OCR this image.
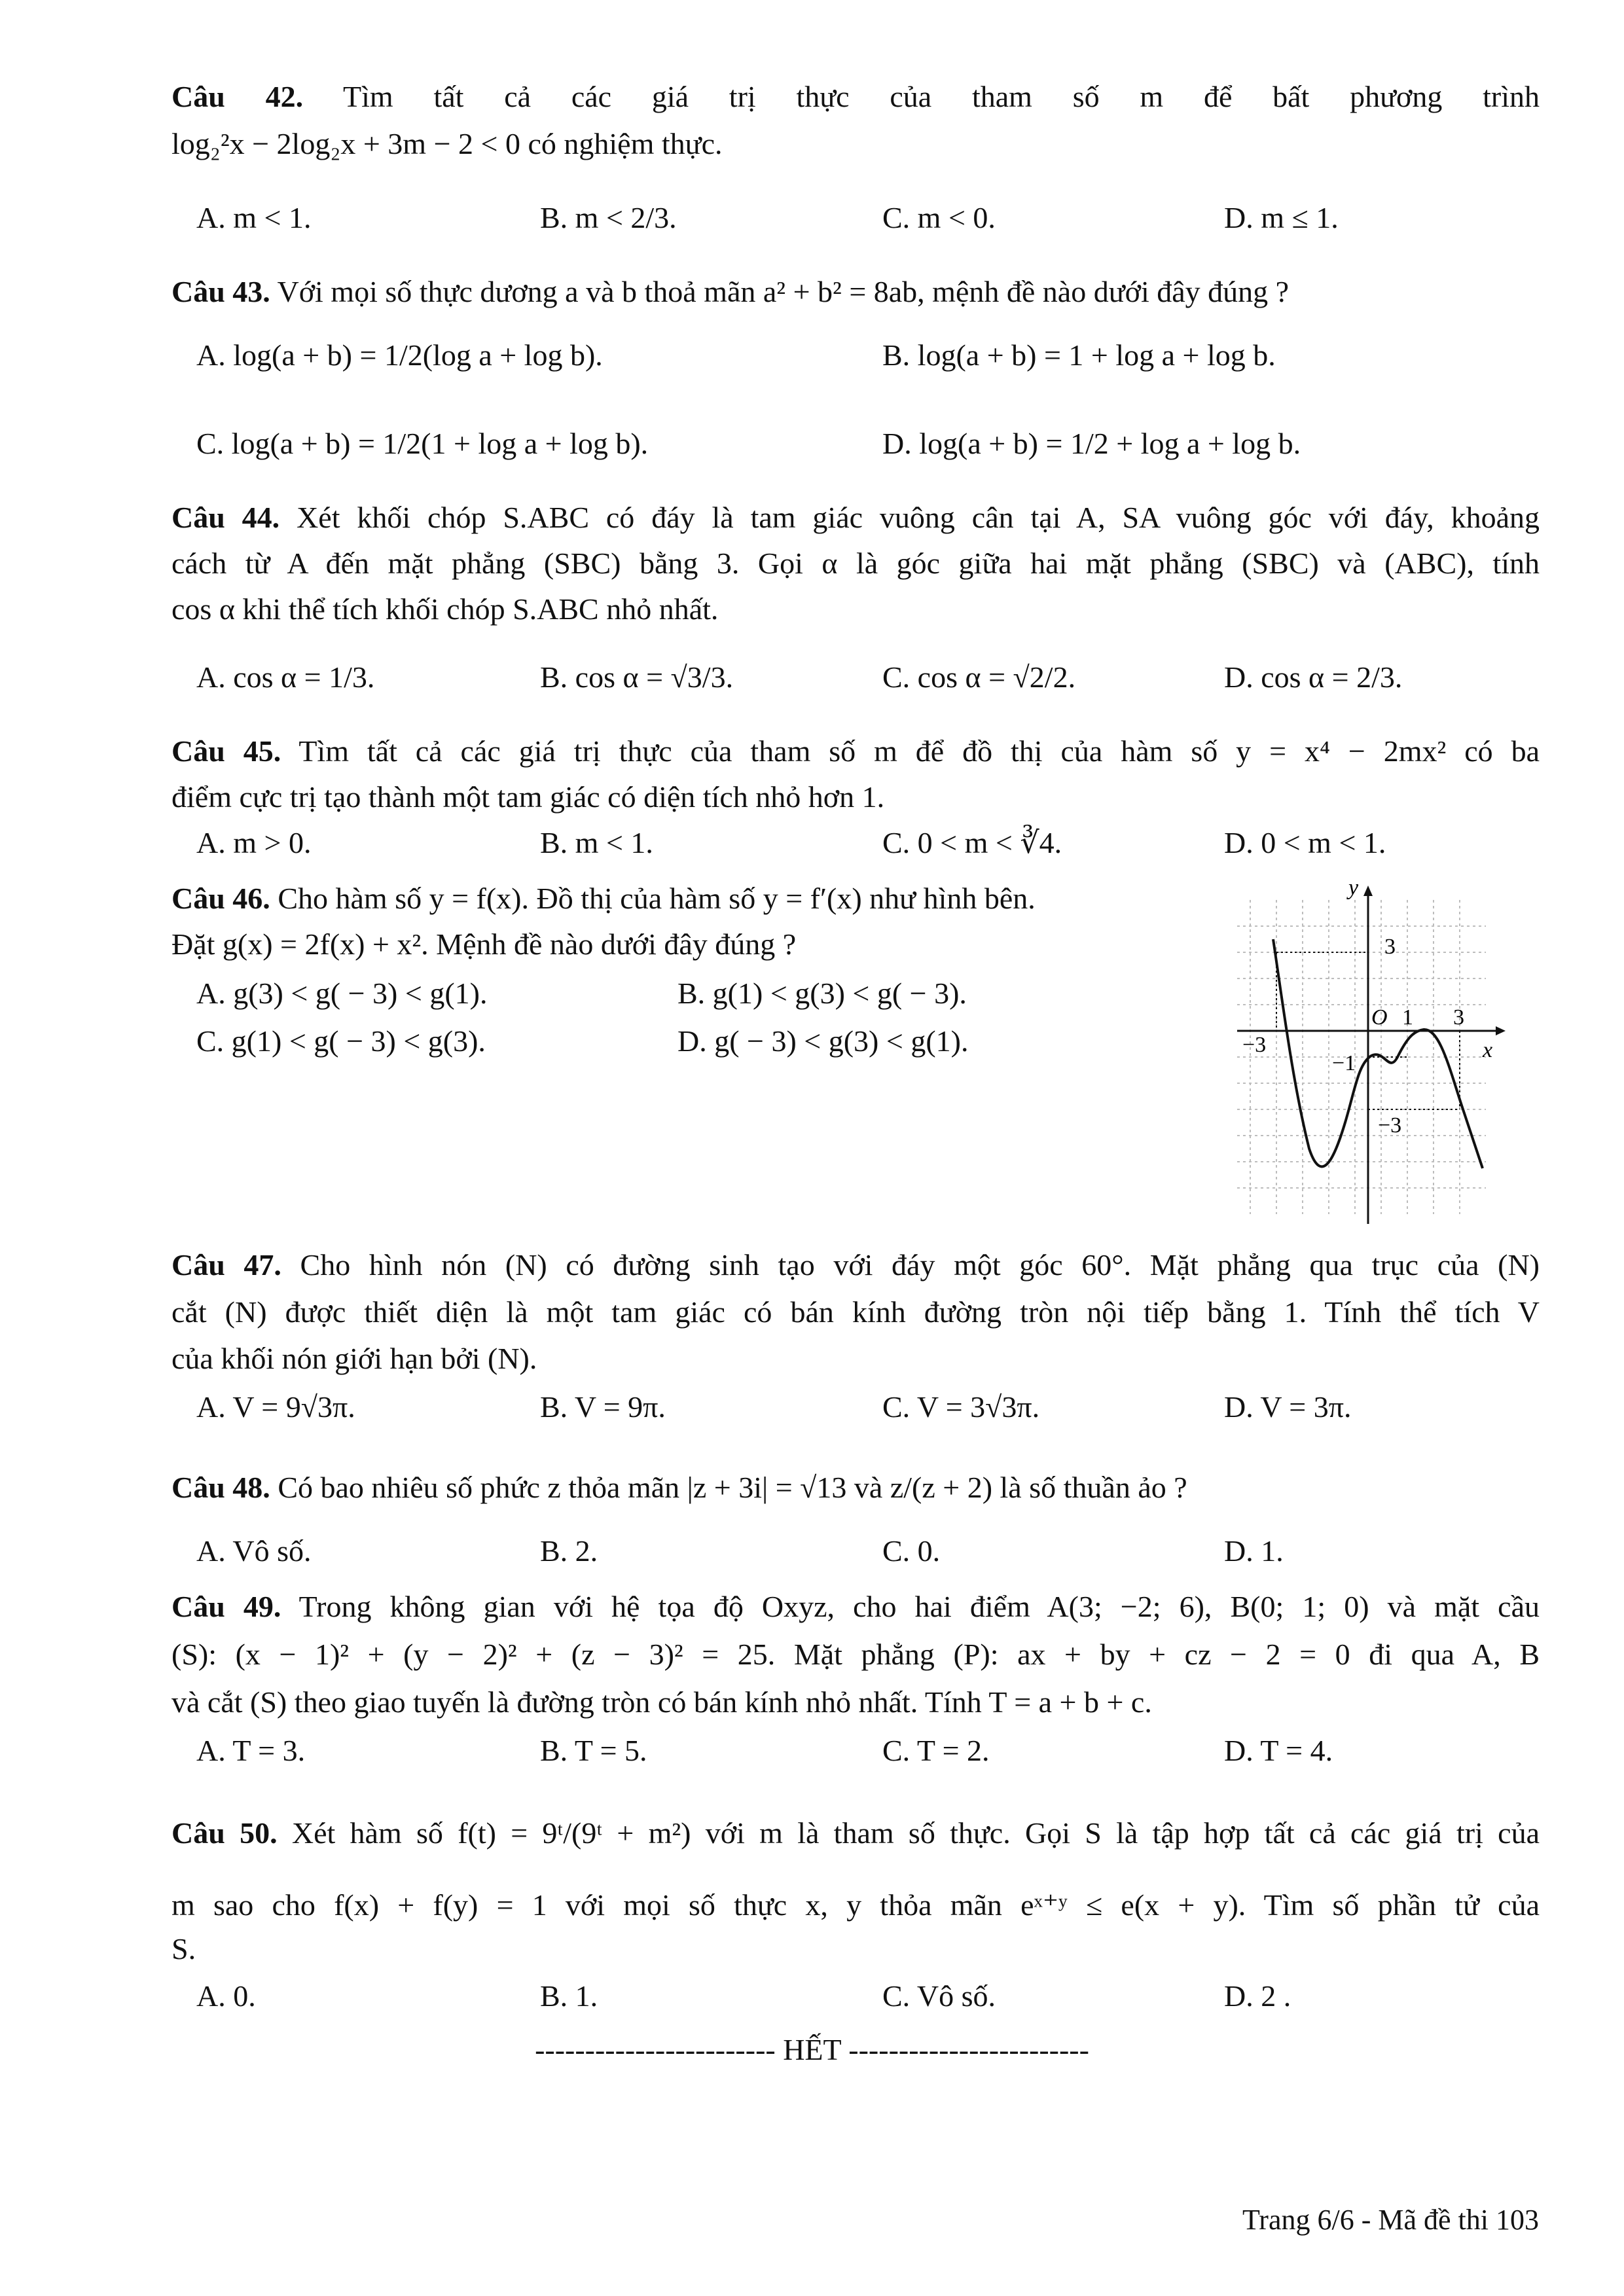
Câu 42. Tìm tất cả các giá trị thực của tham số m để bất phương trình
log₂²x − 2log₂x + 3m − 2 < 0 có nghiệm thực.
A. m < 1.	B. m < 2/3.	C. m < 0.	D. m ≤ 1.
Câu 43. Với mọi số thực dương a và b thoả mãn a² + b² = 8ab, mệnh đề nào dưới đây đúng ?
A. log(a + b) = 1/2(log a + log b).	B. log(a + b) = 1 + log a + log b.
C. log(a + b) = 1/2(1 + log a + log b).	D. log(a + b) = 1/2 + log a + log b.
Câu 44. Xét khối chóp S.ABC có đáy là tam giác vuông cân tại A, SA vuông góc với đáy, khoảng
cách từ A đến mặt phẳng (SBC) bằng 3. Gọi α là góc giữa hai mặt phẳng (SBC) và (ABC), tính
cos α khi thể tích khối chóp S.ABC nhỏ nhất.
A. cos α = 1/3.	B. cos α = √3/3.	C. cos α = √2/2.	D. cos α = 2/3.
Câu 45. Tìm tất cả các giá trị thực của tham số m để đồ thị của hàm số y = x⁴ − 2mx² có ba
điểm cực trị tạo thành một tam giác có diện tích nhỏ hơn 1.
A. m > 0.	B. m < 1.	C. 0 < m < ∛4.	D. 0 < m < 1.
Câu 46. Cho hàm số y = f(x). Đồ thị của hàm số y = f′(x) như hình bên.
Đặt g(x) = 2f(x) + x². Mệnh đề nào dưới đây đúng ?
A. g(3) < g( − 3) < g(1).	B. g(1) < g(3) < g( − 3).
C. g(1) < g( − 3) < g(3).	D. g( − 3) < g(3) < g(1).
3
O 1 3
−3
−1
−3
x
y
Câu 47. Cho hình nón (N) có đường sinh tạo với đáy một góc 60°. Mặt phẳng qua trục của (N)
cắt (N) được thiết diện là một tam giác có bán kính đường tròn nội tiếp bằng 1. Tính thể tích V
của khối nón giới hạn bởi (N).
A. V = 9√3π.	B. V = 9π.	C. V = 3√3π.	D. V = 3π.
Câu 48. Có bao nhiêu số phức z thỏa mãn |z + 3i| = √13 và z/(z + 2) là số thuần ảo ?
A. Vô số.	B. 2.	C. 0.	D. 1.
Câu 49. Trong không gian với hệ tọa độ Oxyz, cho hai điểm A(3; −2; 6), B(0; 1; 0) và mặt cầu
(S): (x − 1)² + (y − 2)² + (z − 3)² = 25. Mặt phẳng (P): ax + by + cz − 2 = 0 đi qua A, B
và cắt (S) theo giao tuyến là đường tròn có bán kính nhỏ nhất. Tính T = a + b + c.
A. T = 3.	B. T = 5.	C. T = 2.	D. T = 4.
Câu 50. Xét hàm số f(t) = 9ᵗ/(9ᵗ + m²) với m là tham số thực. Gọi S là tập hợp tất cả các giá trị của
m sao cho f(x) + f(y) = 1 với mọi số thực x, y thỏa mãn eˣ⁺ʸ ≤ e(x + y). Tìm số phần tử của
S.
A. 0.	B. 1.	C. Vô số.	D. 2 .
------------------------ HẾT ------------------------
Trang 6/6 - Mã đề thi 103
